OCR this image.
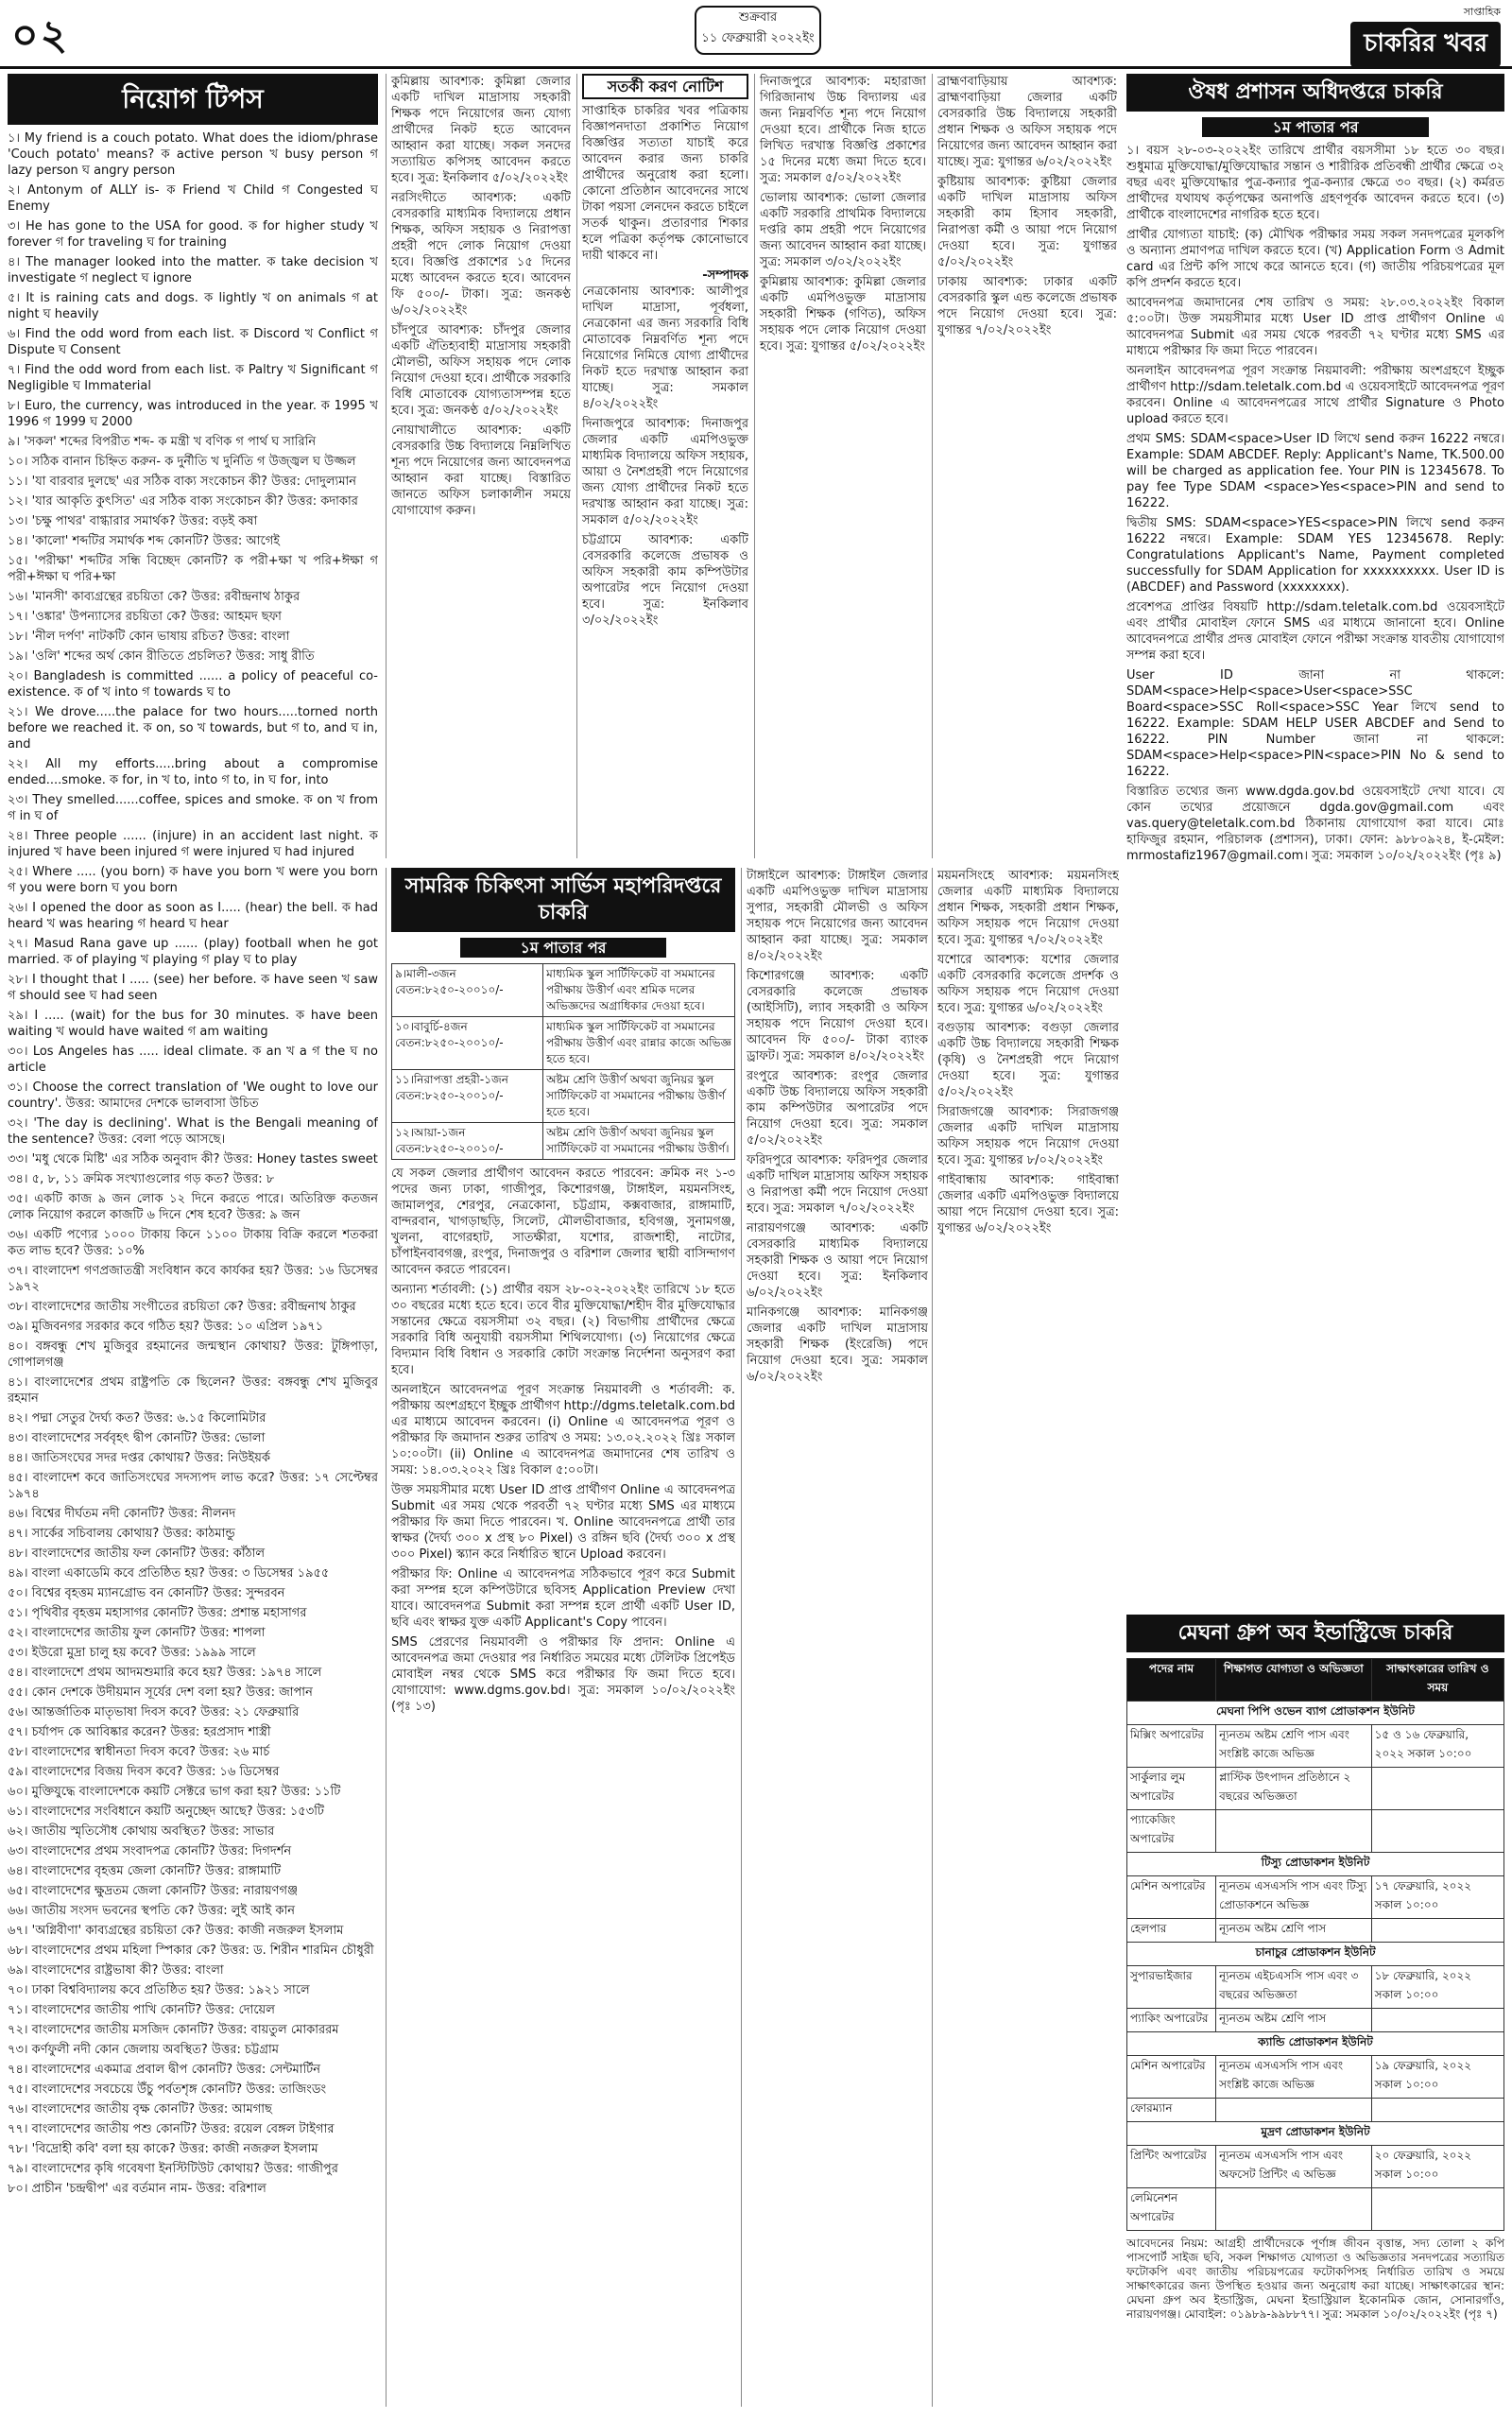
০২	শুক্রবার
১১ ফেব্রুয়ারী ২০২২ইং
সাপ্তাহিক
চাকরির খবর
নিয়োগ টিপস

১। My friend is a couch potato. What does the idiom/phrase 'Couch potato' means? ক active person খ busy person গ lazy person ঘ angry person

২। Antonym of ALLY is- ক Friend খ Child গ Congested ঘ Enemy

৩। He has gone to the USA for good. ক for higher study খ forever গ for traveling ঘ for training

৪। The manager looked into the matter. ক take decision খ investigate গ neglect ঘ ignore

৫। It is raining cats and dogs. ক lightly খ on animals গ at night ঘ heavily

৬। Find the odd word from each list. ক Discord খ Conflict গ Dispute ঘ Consent

৭। Find the odd word from each list. ক Paltry খ Significant গ Negligible ঘ Immaterial

৮। Euro, the currency, was introduced in the year. ক 1995 খ 1996 গ 1999 ঘ 2000

৯। 'সকল' শব্দের বিপরীত শব্দ- ক মন্ত্রী খ বণিক গ পার্থ ঘ সারিনি

১০। সঠিক বানান চিহ্নিত করুন- ক দুর্নীতি খ দুর্নিতি গ উজ্জ্বল ঘ উজ্জল

১১। 'যা বারবার দুলছে' এর সঠিক বাক্য সংকোচন কী? উত্তর: দোদুল্যমান

১২। 'যার আকৃতি কুৎসিত' এর সঠিক বাক্য সংকোচন কী? উত্তর: কদাকার

১৩। 'চক্ষু পাথর' বাগ্ধারার সমার্থক? উত্তর: বড়ই কষা

১৪। 'কালো' শব্দটির সমার্থক শব্দ কোনটি? উত্তর: আগেই

১৫। 'পরীক্ষা' শব্দটির সন্ধি বিচ্ছেদ কোনটি? ক পরী+ক্ষা খ পরি+ঈক্ষা গ পরী+ঈক্ষা ঘ পরি+ক্ষা

১৬। 'মানসী' কাব্যগ্রন্থের রচয়িতা কে? উত্তর: রবীন্দ্রনাথ ঠাকুর

১৭। 'ওঙ্কার' উপন্যাসের রচয়িতা কে? উত্তর: আহমদ ছফা

১৮। 'নীল দর্পণ' নাটকটি কোন ভাষায় রচিত? উত্তর: বাংলা

১৯। 'ওলি' শব্দের অর্থ কোন রীতিতে প্রচলিত? উত্তর: সাধু রীতি

২০। Bangladesh is committed ...... a policy of peaceful co-existence. ক of খ into গ towards ঘ to

২১। We drove.....the palace for two hours.....torned north before we reached it. ক on, so খ towards, but গ to, and ঘ in, and

২২। All my efforts.....bring about a compromise ended....smoke. ক for, in খ to, into গ to, in ঘ for, into

২৩। They smelled......coffee, spices and smoke. ক on খ from গ in ঘ of

২৪। Three people ...... (injure) in an accident last night. ক injured খ have been injured গ were injured ঘ had injured

২৫। Where ..... (you born) ক have you born খ were you born গ you were born ঘ you born

২৬। I opened the door as soon as I..... (hear) the bell. ক had heard খ was hearing গ heard ঘ hear

২৭। Masud Rana gave up ...... (play) football when he got married. ক of playing খ playing গ play ঘ to play

২৮। I thought that I ..... (see) her before. ক have seen খ saw গ should see ঘ had seen

২৯। I ..... (wait) for the bus for 30 minutes. ক have been waiting খ would have waited গ am waiting

৩০। Los Angeles has ..... ideal climate. ক an খ a গ the ঘ no article

৩১। Choose the correct translation of 'We ought to love our country'. উত্তর: আমাদের দেশকে ভালবাসা উচিত

৩২। 'The day is declining'. What is the Bengali meaning of the sentence? উত্তর: বেলা পড়ে আসছে।

৩৩। 'মধু থেকে মিষ্টি' এর সঠিক অনুবাদ কী? উত্তর: Honey tastes sweet

৩৪। ৫, ৮, ১১ ক্রমিক সংখ্যাগুলোর গড় কত? উত্তর: ৮

৩৫। একটি কাজ ৯ জন লোক ১২ দিনে করতে পারে। অতিরিক্ত কতজন লোক নিয়োগ করলে কাজটি ৬ দিনে শেষ হবে? উত্তর: ৯ জন

৩৬। একটি পণ্যের ১০০০ টাকায় কিনে ১১০০ টাকায় বিক্রি করলে শতকরা কত লাভ হবে? উত্তর: ১০%

৩৭। বাংলাদেশ গণপ্রজাতন্ত্রী সংবিধান কবে কার্যকর হয়? উত্তর: ১৬ ডিসেম্বর ১৯৭২

৩৮। বাংলাদেশের জাতীয় সংগীতের রচয়িতা কে? উত্তর: রবীন্দ্রনাথ ঠাকুর

৩৯। মুজিবনগর সরকার কবে গঠিত হয়? উত্তর: ১০ এপ্রিল ১৯৭১

৪০। বঙ্গবন্ধু শেখ মুজিবুর রহমানের জন্মস্থান কোথায়? উত্তর: টুঙ্গিপাড়া, গোপালগঞ্জ

৪১। বাংলাদেশের প্রথম রাষ্ট্রপতি কে ছিলেন? উত্তর: বঙ্গবন্ধু শেখ মুজিবুর রহমান

৪২। পদ্মা সেতুর দৈর্ঘ্য কত? উত্তর: ৬.১৫ কিলোমিটার

৪৩। বাংলাদেশের সর্ববৃহৎ দ্বীপ কোনটি? উত্তর: ভোলা

৪৪। জাতিসংঘের সদর দপ্তর কোথায়? উত্তর: নিউইয়র্ক

৪৫। বাংলাদেশ কবে জাতিসংঘের সদস্যপদ লাভ করে? উত্তর: ১৭ সেপ্টেম্বর ১৯৭৪

৪৬। বিশ্বের দীর্ঘতম নদী কোনটি? উত্তর: নীলনদ

৪৭। সার্কের সচিবালয় কোথায়? উত্তর: কাঠমান্ডু

৪৮। বাংলাদেশের জাতীয় ফল কোনটি? উত্তর: কাঁঠাল

৪৯। বাংলা একাডেমি কবে প্রতিষ্ঠিত হয়? উত্তর: ৩ ডিসেম্বর ১৯৫৫

৫০। বিশ্বের বৃহত্তম ম্যানগ্রোভ বন কোনটি? উত্তর: সুন্দরবন

৫১। পৃথিবীর বৃহত্তম মহাসাগর কোনটি? উত্তর: প্রশান্ত মহাসাগর

৫২। বাংলাদেশের জাতীয় ফুল কোনটি? উত্তর: শাপলা

৫৩। ইউরো মুদ্রা চালু হয় কবে? উত্তর: ১৯৯৯ সালে

৫৪। বাংলাদেশে প্রথম আদমশুমারি কবে হয়? উত্তর: ১৯৭৪ সালে

৫৫। কোন দেশকে উদীয়মান সূর্যের দেশ বলা হয়? উত্তর: জাপান

৫৬। আন্তর্জাতিক মাতৃভাষা দিবস কবে? উত্তর: ২১ ফেব্রুয়ারি

৫৭। চর্যাপদ কে আবিষ্কার করেন? উত্তর: হরপ্রসাদ শাস্ত্রী

৫৮। বাংলাদেশের স্বাধীনতা দিবস কবে? উত্তর: ২৬ মার্চ

৫৯। বাংলাদেশের বিজয় দিবস কবে? উত্তর: ১৬ ডিসেম্বর

৬০। মুক্তিযুদ্ধে বাংলাদেশকে কয়টি সেক্টরে ভাগ করা হয়? উত্তর: ১১টি

৬১। বাংলাদেশের সংবিধানে কয়টি অনুচ্ছেদ আছে? উত্তর: ১৫৩টি

৬২। জাতীয় স্মৃতিসৌধ কোথায় অবস্থিত? উত্তর: সাভার

৬৩। বাংলাদেশের প্রথম সংবাদপত্র কোনটি? উত্তর: দিগদর্শন

৬৪। বাংলাদেশের বৃহত্তম জেলা কোনটি? উত্তর: রাঙ্গামাটি

৬৫। বাংলাদেশের ক্ষুদ্রতম জেলা কোনটি? উত্তর: নারায়ণগঞ্জ

৬৬। জাতীয় সংসদ ভবনের স্থপতি কে? উত্তর: লুই আই কান

৬৭। 'অগ্নিবীণা' কাব্যগ্রন্থের রচয়িতা কে? উত্তর: কাজী নজরুল ইসলাম

৬৮। বাংলাদেশের প্রথম মহিলা স্পিকার কে? উত্তর: ড. শিরীন শারমিন চৌধুরী

৬৯। বাংলাদেশের রাষ্ট্রভাষা কী? উত্তর: বাংলা

৭০। ঢাকা বিশ্ববিদ্যালয় কবে প্রতিষ্ঠিত হয়? উত্তর: ১৯২১ সালে

৭১। বাংলাদেশের জাতীয় পাখি কোনটি? উত্তর: দোয়েল

৭২। বাংলাদেশের জাতীয় মসজিদ কোনটি? উত্তর: বায়তুল মোকাররম

৭৩। কর্ণফুলী নদী কোন জেলায় অবস্থিত? উত্তর: চট্টগ্রাম

৭৪। বাংলাদেশের একমাত্র প্রবাল দ্বীপ কোনটি? উত্তর: সেন্টমার্টিন

৭৫। বাংলাদেশের সবচেয়ে উঁচু পর্বতশৃঙ্গ কোনটি? উত্তর: তাজিংডং

৭৬। বাংলাদেশের জাতীয় বৃক্ষ কোনটি? উত্তর: আমগাছ

৭৭। বাংলাদেশের জাতীয় পশু কোনটি? উত্তর: রয়েল বেঙ্গল টাইগার

৭৮। 'বিদ্রোহী কবি' বলা হয় কাকে? উত্তর: কাজী নজরুল ইসলাম

৭৯। বাংলাদেশের কৃষি গবেষণা ইনস্টিটিউট কোথায়? উত্তর: গাজীপুর

৮০। প্রাচীন 'চন্দ্রদ্বীপ' এর বর্তমান নাম- উত্তর: বরিশাল

কুমিল্লায় আবশ্যক: কুমিল্লা জেলার একটি দাখিল মাদ্রাসায় সহকারী শিক্ষক পদে নিয়োগের জন্য যোগ্য প্রার্থীদের নিকট হতে আবেদন আহ্বান করা যাচ্ছে। সকল সনদের সত্যায়িত কপিসহ আবেদন করতে হবে। সুত্র: ইনকিলাব ৫/০২/২০২২ইং

নরসিংদীতে আবশ্যক: একটি বেসরকারি মাধ্যমিক বিদ্যালয়ে প্রধান শিক্ষক, অফিস সহায়ক ও নিরাপত্তা প্রহরী পদে লোক নিয়োগ দেওয়া হবে। বিজ্ঞপ্তি প্রকাশের ১৫ দিনের মধ্যে আবেদন করতে হবে। আবেদন ফি ৫০০/- টাকা। সুত্র: জনকণ্ঠ ৬/০২/২০২২ইং

চাঁদপুরে আবশ্যক: চাঁদপুর জেলার একটি ঐতিহ্যবাহী মাদ্রাসায় সহকারী মৌলভী, অফিস সহায়ক পদে লোক নিয়োগ দেওয়া হবে। প্রার্থীকে সরকারি বিধি মোতাবেক যোগ্যতাসম্পন্ন হতে হবে। সুত্র: জনকণ্ঠ ৫/০২/২০২২ইং

নোয়াখালীতে আবশ্যক: একটি বেসরকারি উচ্চ বিদ্যালয়ে নিম্নলিখিত শূন্য পদে নিয়োগের জন্য আবেদনপত্র আহ্বান করা যাচ্ছে। বিস্তারিত জানতে অফিস চলাকালীন সময়ে যোগাযোগ করুন।

সতর্কী করণ নোটিশ

সাপ্তাহিক চাকরির খবর পত্রিকায় বিজ্ঞাপনদাতা প্রকাশিত নিয়োগ বিজ্ঞপ্তির সত্যতা যাচাই করে আবেদন করার জন্য চাকরি প্রার্থীদের অনুরোধ করা হলো। কোনো প্রতিষ্ঠান আবেদনের সাথে টাকা পয়সা লেনদেন করতে চাইলে সতর্ক থাকুন। প্রতারণার শিকার হলে পত্রিকা কর্তৃপক্ষ কোনোভাবে দায়ী থাকবে না।

-সম্পাদক

নেত্রকোনায় আবশ্যক: আলীপুর দাখিল মাদ্রাসা, পূর্বধলা, নেত্রকোনা এর জন্য সরকারি বিধি মোতাবেক নিম্নবর্ণিত শূন্য পদে নিয়োগের নিমিত্তে যোগ্য প্রার্থীদের নিকট হতে দরখাস্ত আহ্বান করা যাচ্ছে। সুত্র: সমকাল ৪/০২/২০২২ইং

দিনাজপুরে আবশ্যক: দিনাজপুর জেলার একটি এমপিওভুক্ত মাধ্যমিক বিদ্যালয়ে অফিস সহায়ক, আয়া ও নৈশপ্রহরী পদে নিয়োগের জন্য যোগ্য প্রার্থীদের নিকট হতে দরখাস্ত আহ্বান করা যাচ্ছে। সুত্র: সমকাল ৫/০২/২০২২ইং

চট্টগ্রামে আবশ্যক: একটি বেসরকারি কলেজে প্রভাষক ও অফিস সহকারী কাম কম্পিউটার অপারেটর পদে নিয়োগ দেওয়া হবে। সুত্র: ইনকিলাব ৩/০২/২০২২ইং

দিনাজপুরে আবশ্যক: মহারাজা গিরিজানাথ উচ্চ বিদ্যালয় এর জন্য নিম্নবর্ণিত শূন্য পদে নিয়োগ দেওয়া হবে। প্রার্থীকে নিজ হাতে লিখিত দরখাস্ত বিজ্ঞপ্তি প্রকাশের ১৫ দিনের মধ্যে জমা দিতে হবে। সুত্র: সমকাল ৫/০২/২০২২ইং

ভোলায় আবশ্যক: ভোলা জেলার একটি সরকারি প্রাথমিক বিদ্যালয়ে দপ্তরি কাম প্রহরী পদে নিয়োগের জন্য আবেদন আহ্বান করা যাচ্ছে। সুত্র: সমকাল ৩/০২/২০২২ইং

কুমিল্লায় আবশ্যক: কুমিল্লা জেলার একটি এমপিওভুক্ত মাদ্রাসায় সহকারী শিক্ষক (গণিত), অফিস সহায়ক পদে লোক নিয়োগ দেওয়া হবে। সুত্র: যুগান্তর ৫/০২/২০২২ইং

ব্রাহ্মণবাড়িয়ায় আবশ্যক: ব্রাহ্মণবাড়িয়া জেলার একটি বেসরকারি উচ্চ বিদ্যালয়ে সহকারী প্রধান শিক্ষক ও অফিস সহায়ক পদে নিয়োগের জন্য আবেদন আহ্বান করা যাচ্ছে। সুত্র: যুগান্তর ৬/০২/২০২২ইং

কুষ্টিয়ায় আবশ্যক: কুষ্টিয়া জেলার একটি দাখিল মাদ্রাসায় অফিস সহকারী কাম হিসাব সহকারী, নিরাপত্তা কর্মী ও আয়া পদে নিয়োগ দেওয়া হবে। সুত্র: যুগান্তর ৫/০২/২০২২ইং

ঢাকায় আবশ্যক: ঢাকার একটি বেসরকারি স্কুল এন্ড কলেজে প্রভাষক পদে নিয়োগ দেওয়া হবে। সুত্র: যুগান্তর ৭/০২/২০২২ইং

সামরিক চিকিৎসা সার্ভিস মহাপরিদপ্তরে চাকরি
১ম পাতার পর
৯।মালী-৩জন বেতন:৮২৫০-২০০১০/-	মাধ্যমিক স্কুল সার্টিফিকেট বা সমমানের পরীক্ষায় উত্তীর্ণ এবং শ্রমিক দলের অভিজ্ঞদের অগ্রাধিকার দেওয়া হবে।
১০।বাবুর্চি-৪জন বেতন:৮২৫০-২০০১০/-	মাধ্যমিক স্কুল সার্টিফিকেট বা সমমানের পরীক্ষায় উত্তীর্ণ এবং রান্নার কাজে অভিজ্ঞ হতে হবে।
১১।নিরাপত্তা প্রহরী-১জন বেতন:৮২৫০-২০০১০/-	অষ্টম শ্রেণি উত্তীর্ণ অথবা জুনিয়র স্কুল সার্টিফিকেট বা সমমানের পরীক্ষায় উত্তীর্ণ হতে হবে।
১২।আয়া-১জন বেতন:৮২৫০-২০০১০/-	অষ্টম শ্রেণি উত্তীর্ণ অথবা জুনিয়র স্কুল সার্টিফিকেট বা সমমানের পরীক্ষায় উত্তীর্ণ।

যে সকল জেলার প্রার্থীগণ আবেদন করতে পারবেন: ক্রমিক নং ১-৩ পদের জন্য ঢাকা, গাজীপুর, কিশোরগঞ্জ, টাঙ্গাইল, ময়মনসিংহ, জামালপুর, শেরপুর, নেত্রকোনা, চট্টগ্রাম, কক্সবাজার, রাঙ্গামাটি, বান্দরবান, খাগড়াছড়ি, সিলেট, মৌলভীবাজার, হবিগঞ্জ, সুনামগঞ্জ, খুলনা, বাগেরহাট, সাতক্ষীরা, যশোর, রাজশাহী, নাটোর, চাঁপাইনবাবগঞ্জ, রংপুর, দিনাজপুর ও বরিশাল জেলার স্থায়ী বাসিন্দাগণ আবেদন করতে পারবেন।

অন্যান্য শর্তাবলী: (১) প্রার্থীর বয়স ২৮-০২-২০২২ইং তারিখে ১৮ হতে ৩০ বছরের মধ্যে হতে হবে। তবে বীর মুক্তিযোদ্ধা/শহীদ বীর মুক্তিযোদ্ধার সন্তানের ক্ষেত্রে বয়সসীমা ৩২ বছর। (২) বিভাগীয় প্রার্থীদের ক্ষেত্রে সরকারি বিধি অনুযায়ী বয়সসীমা শিথিলযোগ্য। (৩) নিয়োগের ক্ষেত্রে বিদ্যমান বিধি বিধান ও সরকারি কোটা সংক্রান্ত নির্দেশনা অনুসরণ করা হবে।

অনলাইনে আবেদনপত্র পূরণ সংক্রান্ত নিয়মাবলী ও শর্তাবলী: ক. পরীক্ষায় অংশগ্রহণে ইচ্ছুক প্রার্থীগণ http://dgms.teletalk.com.bd এর মাধ্যমে আবেদন করবেন। (i) Online এ আবেদনপত্র পূরণ ও পরীক্ষার ফি জমাদান শুরুর তারিখ ও সময়: ১৩.০২.২০২২ খ্রিঃ সকাল ১০:০০টা। (ii) Online এ আবেদনপত্র জমাদানের শেষ তারিখ ও সময়: ১৪.০৩.২০২২ খ্রিঃ বিকাল ৫:০০টা।

উক্ত সময়সীমার মধ্যে User ID প্রাপ্ত প্রার্থীগণ Online এ আবেদনপত্র Submit এর সময় থেকে পরবর্তী ৭২ ঘণ্টার মধ্যে SMS এর মাধ্যমে পরীক্ষার ফি জমা দিতে পারবেন। খ. Online আবেদনপত্রে প্রার্থী তার স্বাক্ষর (দৈর্ঘ্য ৩০০ x প্রস্থ ৮০ Pixel) ও রঙ্গিন ছবি (দৈর্ঘ্য ৩০০ x প্রস্থ ৩০০ Pixel) স্ক্যান করে নির্ধারিত স্থানে Upload করবেন।

পরীক্ষার ফি: Online এ আবেদনপত্র সঠিকভাবে পূরণ করে Submit করা সম্পন্ন হলে কম্পিউটারে ছবিসহ Application Preview দেখা যাবে। আবেদনপত্র Submit করা সম্পন্ন হলে প্রার্থী একটি User ID, ছবি এবং স্বাক্ষর যুক্ত একটি Applicant's Copy পাবেন।

SMS প্রেরণের নিয়মাবলী ও পরীক্ষার ফি প্রদান: Online এ আবেদনপত্র জমা দেওয়ার পর নির্ধারিত সময়ের মধ্যে টেলিটক প্রিপেইড মোবাইল নম্বর থেকে SMS করে পরীক্ষার ফি জমা দিতে হবে। যোগাযোগ: www.dgms.gov.bd। সুত্র: সমকাল ১০/০২/২০২২ইং (পৃঃ ১৩)

টাঙ্গাইলে আবশ্যক: টাঙ্গাইল জেলার একটি এমপিওভুক্ত দাখিল মাদ্রাসায় সুপার, সহকারী মৌলভী ও অফিস সহায়ক পদে নিয়োগের জন্য আবেদন আহ্বান করা যাচ্ছে। সুত্র: সমকাল ৪/০২/২০২২ইং

কিশোরগঞ্জে আবশ্যক: একটি বেসরকারি কলেজে প্রভাষক (আইসিটি), ল্যাব সহকারী ও অফিস সহায়ক পদে নিয়োগ দেওয়া হবে। আবেদন ফি ৫০০/- টাকা ব্যাংক ড্রাফট। সুত্র: সমকাল ৪/০২/২০২২ইং

রংপুরে আবশ্যক: রংপুর জেলার একটি উচ্চ বিদ্যালয়ে অফিস সহকারী কাম কম্পিউটার অপারেটর পদে নিয়োগ দেওয়া হবে। সুত্র: সমকাল ৫/০২/২০২২ইং

ফরিদপুরে আবশ্যক: ফরিদপুর জেলার একটি দাখিল মাদ্রাসায় অফিস সহায়ক ও নিরাপত্তা কর্মী পদে নিয়োগ দেওয়া হবে। সুত্র: সমকাল ৭/০২/২০২২ইং

নারায়ণগঞ্জে আবশ্যক: একটি বেসরকারি মাধ্যমিক বিদ্যালয়ে সহকারী শিক্ষক ও আয়া পদে নিয়োগ দেওয়া হবে। সুত্র: ইনকিলাব ৬/০২/২০২২ইং

মানিকগঞ্জে আবশ্যক: মানিকগঞ্জ জেলার একটি দাখিল মাদ্রাসায় সহকারী শিক্ষক (ইংরেজি) পদে নিয়োগ দেওয়া হবে। সুত্র: সমকাল ৬/০২/২০২২ইং

ময়মনসিংহে আবশ্যক: ময়মনসিংহ জেলার একটি মাধ্যমিক বিদ্যালয়ে প্রধান শিক্ষক, সহকারী প্রধান শিক্ষক, অফিস সহায়ক পদে নিয়োগ দেওয়া হবে। সুত্র: যুগান্তর ৭/০২/২০২২ইং

যশোরে আবশ্যক: যশোর জেলার একটি বেসরকারি কলেজে প্রদর্শক ও অফিস সহায়ক পদে নিয়োগ দেওয়া হবে। সুত্র: যুগান্তর ৬/০২/২০২২ইং

বগুড়ায় আবশ্যক: বগুড়া জেলার একটি উচ্চ বিদ্যালয়ে সহকারী শিক্ষক (কৃষি) ও নৈশপ্রহরী পদে নিয়োগ দেওয়া হবে। সুত্র: যুগান্তর ৫/০২/২০২২ইং

সিরাজগঞ্জে আবশ্যক: সিরাজগঞ্জ জেলার একটি দাখিল মাদ্রাসায় অফিস সহায়ক পদে নিয়োগ দেওয়া হবে। সুত্র: যুগান্তর ৮/০২/২০২২ইং

গাইবান্ধায় আবশ্যক: গাইবান্ধা জেলার একটি এমপিওভুক্ত বিদ্যালয়ে আয়া পদে নিয়োগ দেওয়া হবে। সুত্র: যুগান্তর ৬/০২/২০২২ইং

ঔষধ প্রশাসন অধিদপ্তরে চাকরি
১ম পাতার পর

১। বয়স ২৮-০৩-২০২২ইং তারিখে প্রার্থীর বয়সসীমা ১৮ হতে ৩০ বছর। শুধুমাত্র মুক্তিযোদ্ধা/মুক্তিযোদ্ধার সন্তান ও শারীরিক প্রতিবন্ধী প্রার্থীর ক্ষেত্রে ৩২ বছর এবং মুক্তিযোদ্ধার পুত্র-কন্যার পুত্র-কন্যার ক্ষেত্রে ৩০ বছর। (২) কর্মরত প্রার্থীদের যথাযথ কর্তৃপক্ষের অনাপত্তি গ্রহণপূর্বক আবেদন করতে হবে। (৩) প্রার্থীকে বাংলাদেশের নাগরিক হতে হবে।

প্রার্থীর যোগ্যতা যাচাই: (ক) মৌখিক পরীক্ষার সময় সকল সনদপত্রের মূলকপি ও অন্যান্য প্রমাণপত্র দাখিল করতে হবে। (খ) Application Form ও Admit card এর প্রিন্ট কপি সাথে করে আনতে হবে। (গ) জাতীয় পরিচয়পত্রের মূল কপি প্রদর্শন করতে হবে।

আবেদনপত্র জমাদানের শেষ তারিখ ও সময়: ২৮.০৩.২০২২ইং বিকাল ৫:০০টা। উক্ত সময়সীমার মধ্যে User ID প্রাপ্ত প্রার্থীগণ Online এ আবেদনপত্র Submit এর সময় থেকে পরবর্তী ৭২ ঘণ্টার মধ্যে SMS এর মাধ্যমে পরীক্ষার ফি জমা দিতে পারবেন।

অনলাইন আবেদনপত্র পূরণ সংক্রান্ত নিয়মাবলী: পরীক্ষায় অংশগ্রহণে ইচ্ছুক প্রার্থীগণ http://sdam.teletalk.com.bd এ ওয়েবসাইটে আবেদনপত্র পূরণ করবেন। Online এ আবেদনপত্রের সাথে প্রার্থীর Signature ও Photo upload করতে হবে।

প্রথম SMS: SDAM<space>User ID লিখে send করুন 16222 নম্বরে। Example: SDAM ABCDEF. Reply: Applicant's Name, TK.500.00 will be charged as application fee. Your PIN is 12345678. To pay fee Type SDAM <space>Yes<space>PIN and send to 16222.

দ্বিতীয় SMS: SDAM<space>YES<space>PIN লিখে send করুন 16222 নম্বরে। Example: SDAM YES 12345678. Reply: Congratulations Applicant's Name, Payment completed successfully for SDAM Application for xxxxxxxxxx. User ID is (ABCDEF) and Password (xxxxxxxx).

প্রবেশপত্র প্রাপ্তির বিষয়টি http://sdam.teletalk.com.bd ওয়েবসাইটে এবং প্রার্থীর মোবাইল ফোনে SMS এর মাধ্যমে জানানো হবে। Online আবেদনপত্রে প্রার্থীর প্রদত্ত মোবাইল ফোনে পরীক্ষা সংক্রান্ত যাবতীয় যোগাযোগ সম্পন্ন করা হবে।

User ID জানা না থাকলে: SDAM<space>Help<space>User<space>SSC Board<space>SSC Roll<space>SSC Year লিখে send to 16222. Example: SDAM HELP USER ABCDEF and Send to 16222. PIN Number জানা না থাকলে: SDAM<space>Help<space>PIN<space>PIN No & send to 16222.

বিস্তারিত তথ্যের জন্য www.dgda.gov.bd ওয়েবসাইটে দেখা যাবে। যে কোন তথ্যের প্রয়োজনে dgda.gov@gmail.com এবং vas.query@teletalk.com.bd ঠিকানায় যোগাযোগ করা যাবে। মোঃ হাফিজুর রহমান, পরিচালক (প্রশাসন), ঢাকা। ফোন: ৯৮৮০৯২৪, ই-মেইল: mrmostafiz1967@gmail.com। সুত্র: সমকাল ১০/০২/২০২২ইং (পৃঃ ৯)

মেঘনা গ্রুপ অব ইন্ডাস্ট্রিজে চাকরি
পদের নাম	শিক্ষাগত যোগ্যতা ও অভিজ্ঞতা	সাক্ষাৎকারের তারিখ ও সময়
মেঘনা পিপি ওভেন ব্যাগ প্রোডাকশন ইউনিট		
মিক্সিং অপারেটর	ন্যূনতম অষ্টম শ্রেণি পাস এবং সংশ্লিষ্ট কাজে অভিজ্ঞ	১৫ ও ১৬ ফেব্রুয়ারি, ২০২২ সকাল ১০:০০
সার্কুলার লুম অপারেটর	প্লাস্টিক উৎপাদন প্রতিষ্ঠানে ২ বছরের অভিজ্ঞতা	
প্যাকেজিং অপারেটর		
টিস্যু প্রোডাকশন ইউনিট		
মেশিন অপারেটর	ন্যূনতম এসএসসি পাস এবং টিস্যু প্রোডাকশনে অভিজ্ঞ	১৭ ফেব্রুয়ারি, ২০২২ সকাল ১০:০০
হেলপার	ন্যূনতম অষ্টম শ্রেণি পাস	
চানাচুর প্রোডাকশন ইউনিট		
সুপারভাইজার	ন্যূনতম এইচএসসি পাস এবং ৩ বছরের অভিজ্ঞতা	১৮ ফেব্রুয়ারি, ২০২২ সকাল ১০:০০
প্যাকিং অপারেটর	ন্যূনতম অষ্টম শ্রেণি পাস	
ক্যান্ডি প্রোডাকশন ইউনিট		
মেশিন অপারেটর	ন্যূনতম এসএসসি পাস এবং সংশ্লিষ্ট কাজে অভিজ্ঞ	১৯ ফেব্রুয়ারি, ২০২২ সকাল ১০:০০
ফোরম্যান		
মুদ্রণ প্রোডাকশন ইউনিট		
প্রিন্টিং অপারেটর	ন্যূনতম এসএসসি পাস এবং অফসেট প্রিন্টিং এ অভিজ্ঞ	২০ ফেব্রুয়ারি, ২০২২ সকাল ১০:০০
লেমিনেশন অপারেটর		

আবেদনের নিয়ম: আগ্রহী প্রার্থীদেরকে পূর্ণাঙ্গ জীবন বৃত্তান্ত, সদ্য তোলা ২ কপি পাসপোর্ট সাইজ ছবি, সকল শিক্ষাগত যোগ্যতা ও অভিজ্ঞতার সনদপত্রের সত্যায়িত ফটোকপি এবং জাতীয় পরিচয়পত্রের ফটোকপিসহ নির্ধারিত তারিখ ও সময়ে সাক্ষাৎকারের জন্য উপস্থিত হওয়ার জন্য অনুরোধ করা যাচ্ছে। সাক্ষাৎকারের স্থান: মেঘনা গ্রুপ অব ইন্ডাস্ট্রিজ, মেঘনা ইন্ডাস্ট্রিয়াল ইকোনমিক জোন, সোনারগাঁও, নারায়ণগঞ্জ। মোবাইল: ০১৯৮৯-৯৯৮৮৭৭। সুত্র: সমকাল ১০/০২/২০২২ইং (পৃঃ ৭)
